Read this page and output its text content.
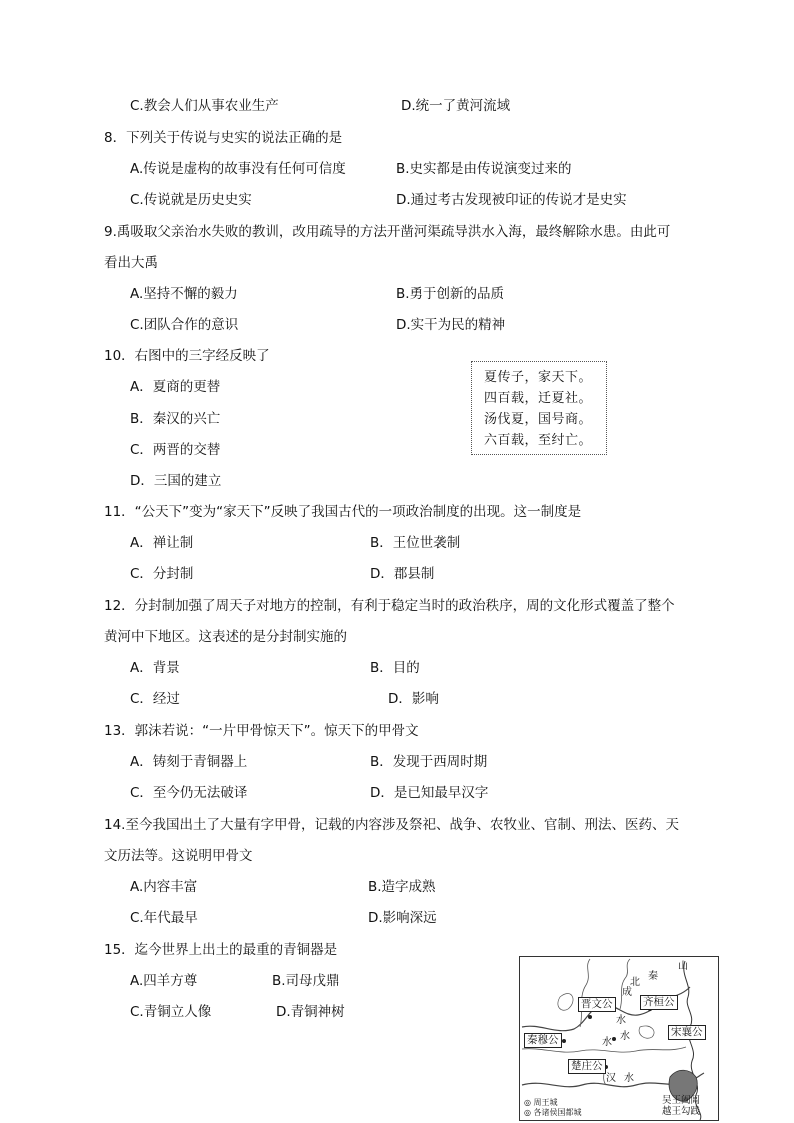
C.教会人们从事农业生产	D.统一了黄河流域
8．下列关于传说与史实的说法正确的是
A.传说是虚构的故事没有任何可信度	B.史实都是由传说演变过来的
C.传说就是历史史实	D.通过考古发现被印证的传说才是史实
9.禹吸取父亲治水失败的教训，改用疏导的方法开凿河渠疏导洪水入海，最终解除水患。由此可
看出大禹
A.坚持不懈的毅力	B.勇于创新的品质
C.团队合作的意识	D.实干为民的精神
10．右图中的三字经反映了
A．夏商的更替
B．秦汉的兴亡
C．两晋的交替
D．三国的建立
夏传子，家天下。
四百载，迁夏社。
汤伐夏，国号商。
六百载，至纣亡。
11．“公天下”变为“家天下”反映了我国古代的一项政治制度的出现。这一制度是
A．禅让制	B．王位世袭制
C．分封制	D．郡县制
12．分封制加强了周天子对地方的控制，有利于稳定当时的政治秩序，周的文化形式覆盖了整个
黄河中下地区。这表述的是分封制实施的
A．背景	B．目的
C．经过	D．影响
13．郭沫若说：“一片甲骨惊天下”。惊天下的甲骨文
A．铸刻于青铜器上	B．发现于西周时期
C．至今仍无法破译	D．是已知最早汉字
14.至今我国出土了大量有字甲骨，记载的内容涉及祭祀、战争、农牧业、官制、刑法、医药、天
文历法等。这说明甲骨文
A.内容丰富	B.造字成熟
C.年代最早	D.影响深远
15．迄今世界上出土的最重的青铜器是
A.四羊方尊	B.司母戊鼎
C.青铜立人像	D.青铜神树	晋文公	齐桓公
宋襄公
秦穆公
楚庄公
山
北
秦
成
水
水
水
汉 水
吴王阖闾
越王勾践
◎ 周王城
◎ 各诸侯国都城
